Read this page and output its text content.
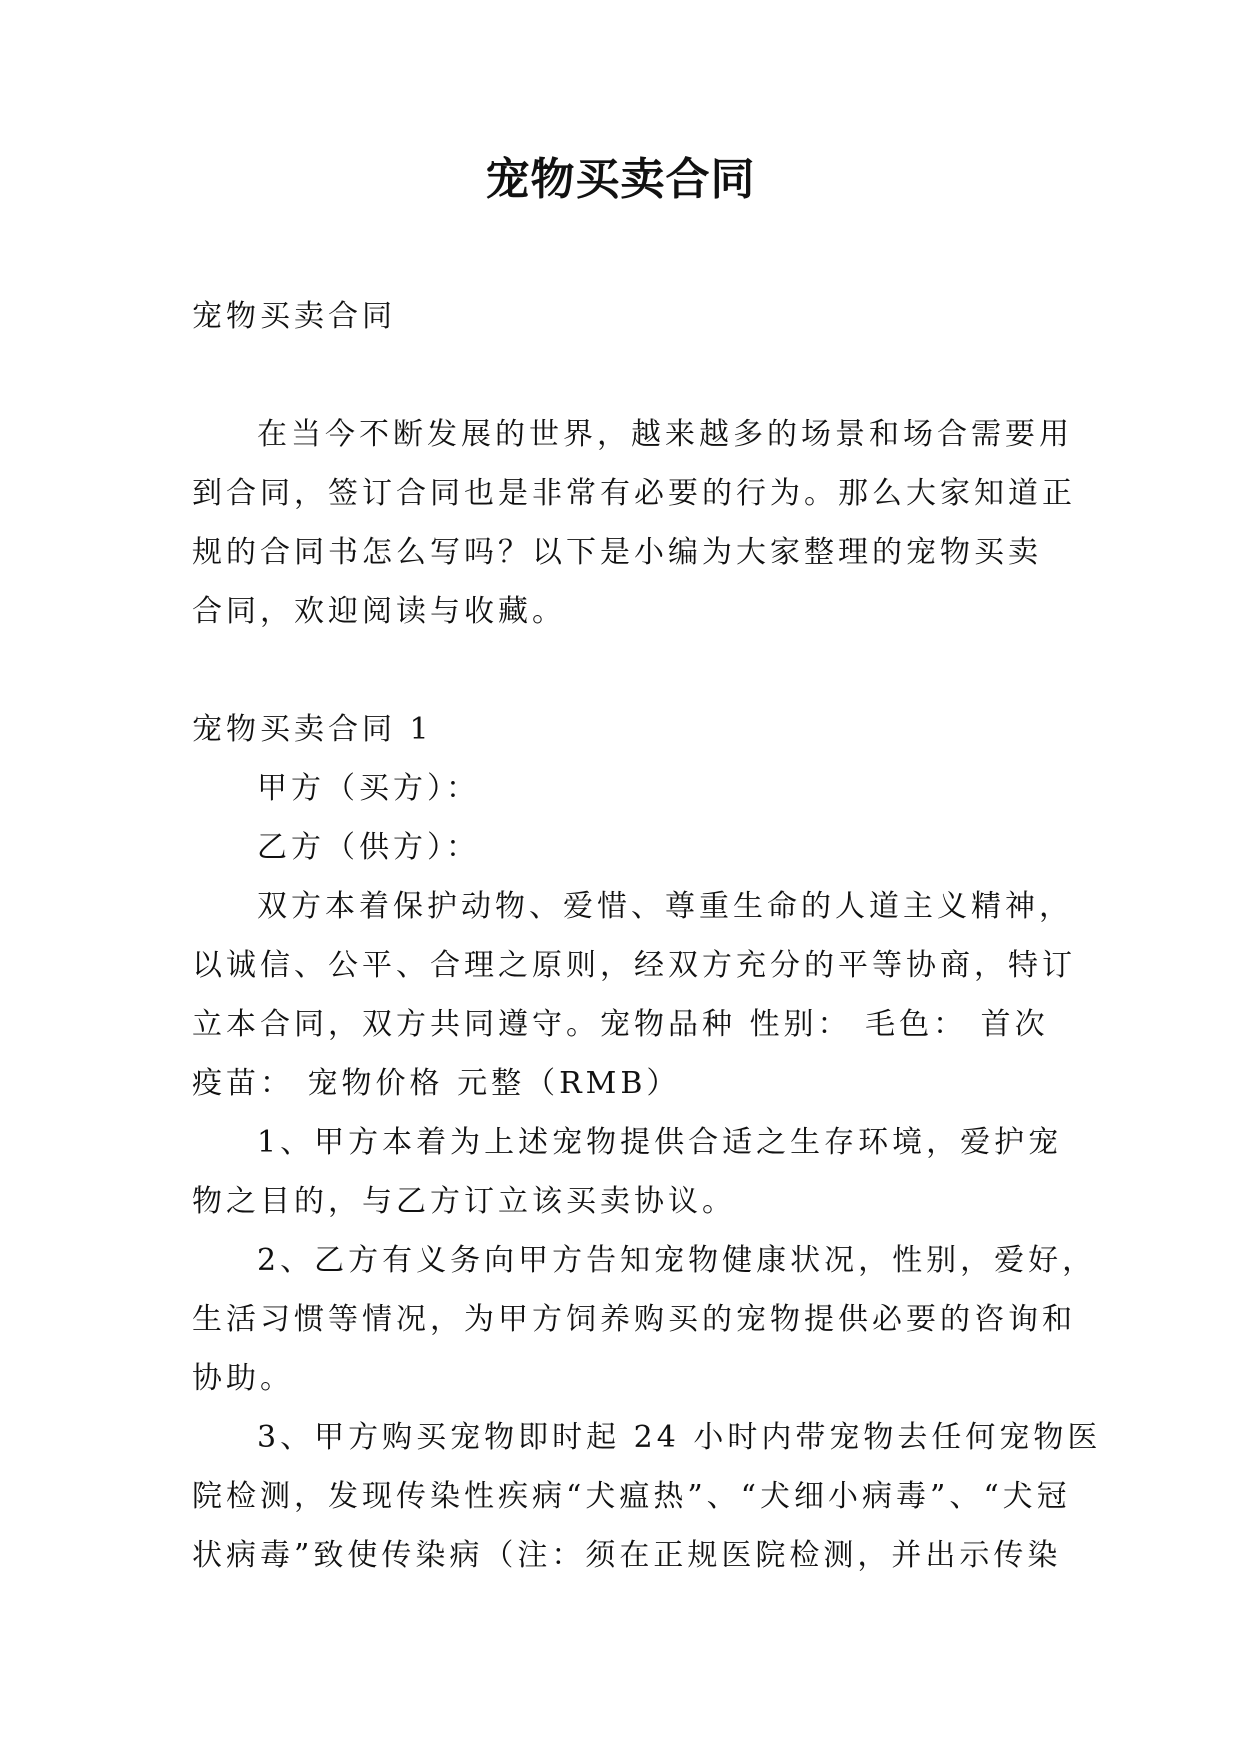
宠物买卖合同
宠物买卖合同
在当今不断发展的世界，越来越多的场景和场合需要用
到合同，签订合同也是非常有必要的行为。那么大家知道正
规的合同书怎么写吗？以下是小编为大家整理的宠物买卖
合同，欢迎阅读与收藏。
宠物买卖合同 1
甲方（买方）：
乙方（供方）：
双方本着保护动物、爱惜、尊重生命的人道主义精神，
以诚信、公平、合理之原则，经双方充分的平等协商，特订
立本合同，双方共同遵守。宠物品种 性别： 毛色： 首次
疫苗： 宠物价格 元整（RMB）
1、甲方本着为上述宠物提供合适之生存环境，爱护宠
物之目的，与乙方订立该买卖协议。
2、乙方有义务向甲方告知宠物健康状况，性别，爱好，
生活习惯等情况，为甲方饲养购买的宠物提供必要的咨询和
协助。
3、甲方购买宠物即时起 24 小时内带宠物去任何宠物医
院检测，发现传染性疾病“犬瘟热”、“犬细小病毒”、“犬冠
状病毒”致使传染病（注：须在正规医院检测，并出示传染
